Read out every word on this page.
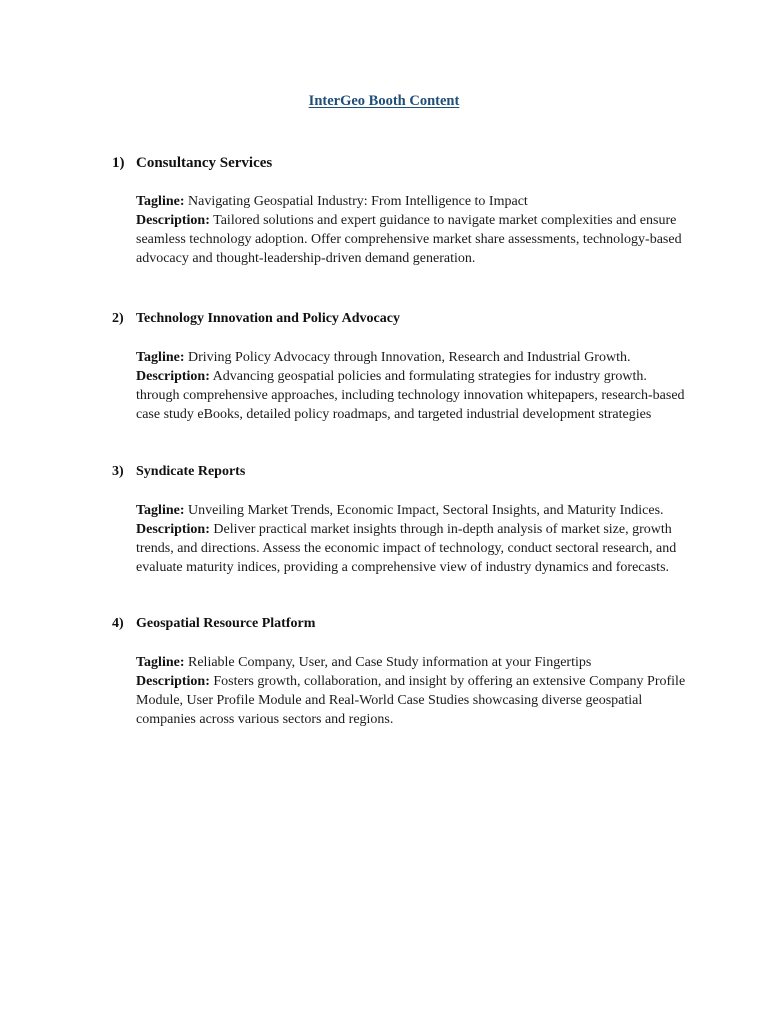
InterGeo Booth Content
1) Consultancy Services
Tagline: Navigating Geospatial Industry: From Intelligence to Impact
Description: Tailored solutions and expert guidance to navigate market complexities and ensure seamless technology adoption. Offer comprehensive market share assessments, technology-based advocacy and thought-leadership-driven demand generation.
2) Technology Innovation and Policy Advocacy
Tagline: Driving Policy Advocacy through Innovation, Research and Industrial Growth.
Description: Advancing geospatial policies and formulating strategies for industry growth. through comprehensive approaches, including technology innovation whitepapers, research-based case study eBooks, detailed policy roadmaps, and targeted industrial development strategies
3) Syndicate Reports
Tagline: Unveiling Market Trends, Economic Impact, Sectoral Insights, and Maturity Indices.
Description: Deliver practical market insights through in-depth analysis of market size, growth trends, and directions. Assess the economic impact of technology, conduct sectoral research, and evaluate maturity indices, providing a comprehensive view of industry dynamics and forecasts.
4) Geospatial Resource Platform
Tagline: Reliable Company, User, and Case Study information at your Fingertips
Description: Fosters growth, collaboration, and insight by offering an extensive Company Profile Module, User Profile Module and Real-World Case Studies showcasing diverse geospatial companies across various sectors and regions.
